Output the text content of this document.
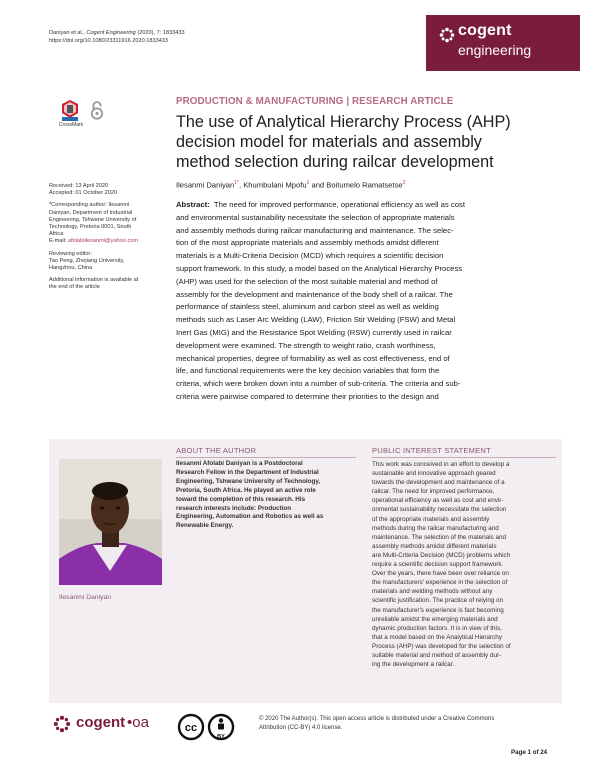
Daniyan et al., Cogent Engineering (2020), 7: 1833433
https://doi.org/10.1080/23311916.2020.1833433
cogent
engineering
CrossMark
PRODUCTION & MANUFACTURING | RESEARCH ARTICLE
The use of Analytical Hierarchy Process (AHP)
decision model for materials and assembly
method selection during railcar development
Ilesanmi Daniyan$^{1*}$, Khumbulani Mpofu$^1$ and Boitumelo Ramatsetse$^2$
Received: 13 April 2020
Accepted: 01 October 2020
*Corresponding author: Ilesanmi
Daniyan, Department of Industrial
Engineering, Tshwane University of
Technology, Pretoria 0001, South
Africa
E-mail: afolabiilesanmi@yahoo.com
Reviewing editor:
Tao Peng, Zhejiang University,
Hangzhou, China
Additional information is available at
the end of the article
Abstract: The need for improved performance, operational efficiency as well as cost
and environmental sustainability necessitate the selection of appropriate materials
and assembly methods during railcar manufacturing and maintenance. The selec-
tion of the most appropriate materials and assembly methods amidst different
materials is a Multi-Criteria Decision (MCD) which requires a scientific decision
support framework. In this study, a model based on the Analytical Hierarchy Process
(AHP) was used for the selection of the most suitable material and method of
assembly for the development and maintenance of the body shell of a railcar. The
performance of stainless steel, aluminum and carbon steel as well as welding
methods such as Laser Arc Welding (LAW), Friction Stir Welding (FSW) and Metal
Inert Gas (MIG) and the Resistance Spot Welding (RSW) currently used in railcar
development were examined. The strength to weight ratio, crash worthiness,
mechanical properties, degree of formability as well as cost effectiveness, end of
life, and functional requirements were the key decision variables that form the
criteria, which were broken down into a number of sub-criteria. The criteria and sub-
criteria were pairwise compared to determine their priorities to the design and
Ilesanmi Daniyan
ABOUT THE AUTHOR
Ilesanmi Afolabi Daniyan is a Postdoctoral
Research Fellow in the Department of Industrial
Engineering, Tshwane University of Technology,
Pretoria, South Africa. He played an active role
toward the completion of this research. His
research interests include: Production
Engineering, Automation and Robotics as well as
Renewable Energy.
PUBLIC INTEREST STATEMENT
This work was conceived in an effort to develop a
sustainable and innovative approach geared
towards the development and maintenance of a
railcar. The need for improved performance,
operational efficiency as well as cost and envir-
onmental sustainability necessitate the selection
of the appropriate materials and assembly
methods during the railcar manufacturing and
maintenance. The selection of the materials and
assembly methods amidst different materials
are Multi-Criteria Decision (MCD) problems which
require a scientific decision support framework.
Over the years, there have been over reliance on
the manufacturers' experience in the selection of
materials and welding methods without any
scientific justification. The practice of relying on
the manufacturer's experience is fast becoming
unreliable amidst the emerging materials and
dynamic production factors. It is in view of this,
that a model based on the Analytical Hierarchy
Process (AHP) was developed for the selection of
suitable material and method of assembly dur-
ing the development a railcar.
cogent •oa	cc
BY
© 2020 The Author(s). This open access article is distributed under a Creative Commons
Attribution (CC-BY) 4.0 license.
Page 1 of 24
